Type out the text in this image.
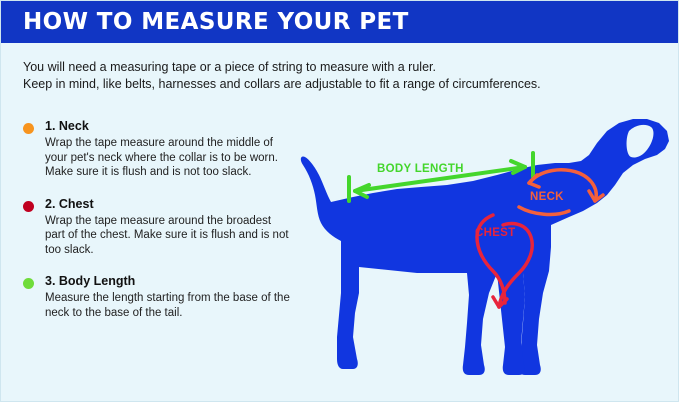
HOW TO MEASURE YOUR PET
You will need a measuring tape or a piece of string to measure with a ruler.
Keep in mind, like belts, harnesses and collars are adjustable to fit a range of circumferences.
1. Neck
Wrap the tape measure around the middle of your pet's neck where the collar is to be worn. Make sure it is flush and is not too slack.
2. Chest
Wrap the tape measure around the broadest part of the chest. Make sure it is flush and is not too slack.
3. Body Length
Measure the length starting from the base of the neck to the base of the tail.
BODY LENGTH
NECK
CHEST
